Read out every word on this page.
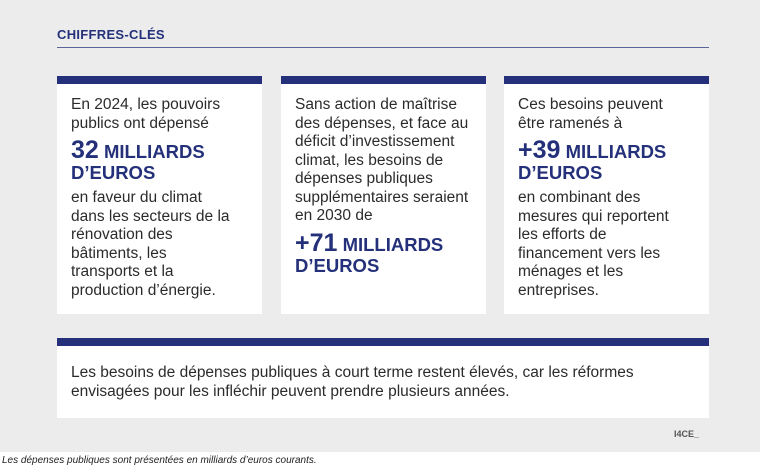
CHIFFRES-CLÉS
En 2024, les pouvoirs publics ont dépensé
32 MILLIARDS D’EUROS
en faveur du climat dans les secteurs de la rénovation des bâtiments, les transports et la production d’énergie.
Sans action de maîtrise des dépenses, et face au déficit d’investissement climat, les besoins de dépenses publiques supplémentaires seraient en 2030 de
+71 MILLIARDS D’EUROS
Ces besoins peuvent être ramenés à
+39 MILLIARDS D’EUROS
en combinant des mesures qui reportent les efforts de financement vers les ménages et les entreprises.
Les besoins de dépenses publiques à court terme restent élevés, car les réformes envisagées pour les infléchir peuvent prendre plusieurs années.
I4CE_
Les dépenses publiques sont présentées en milliards d’euros courants.
